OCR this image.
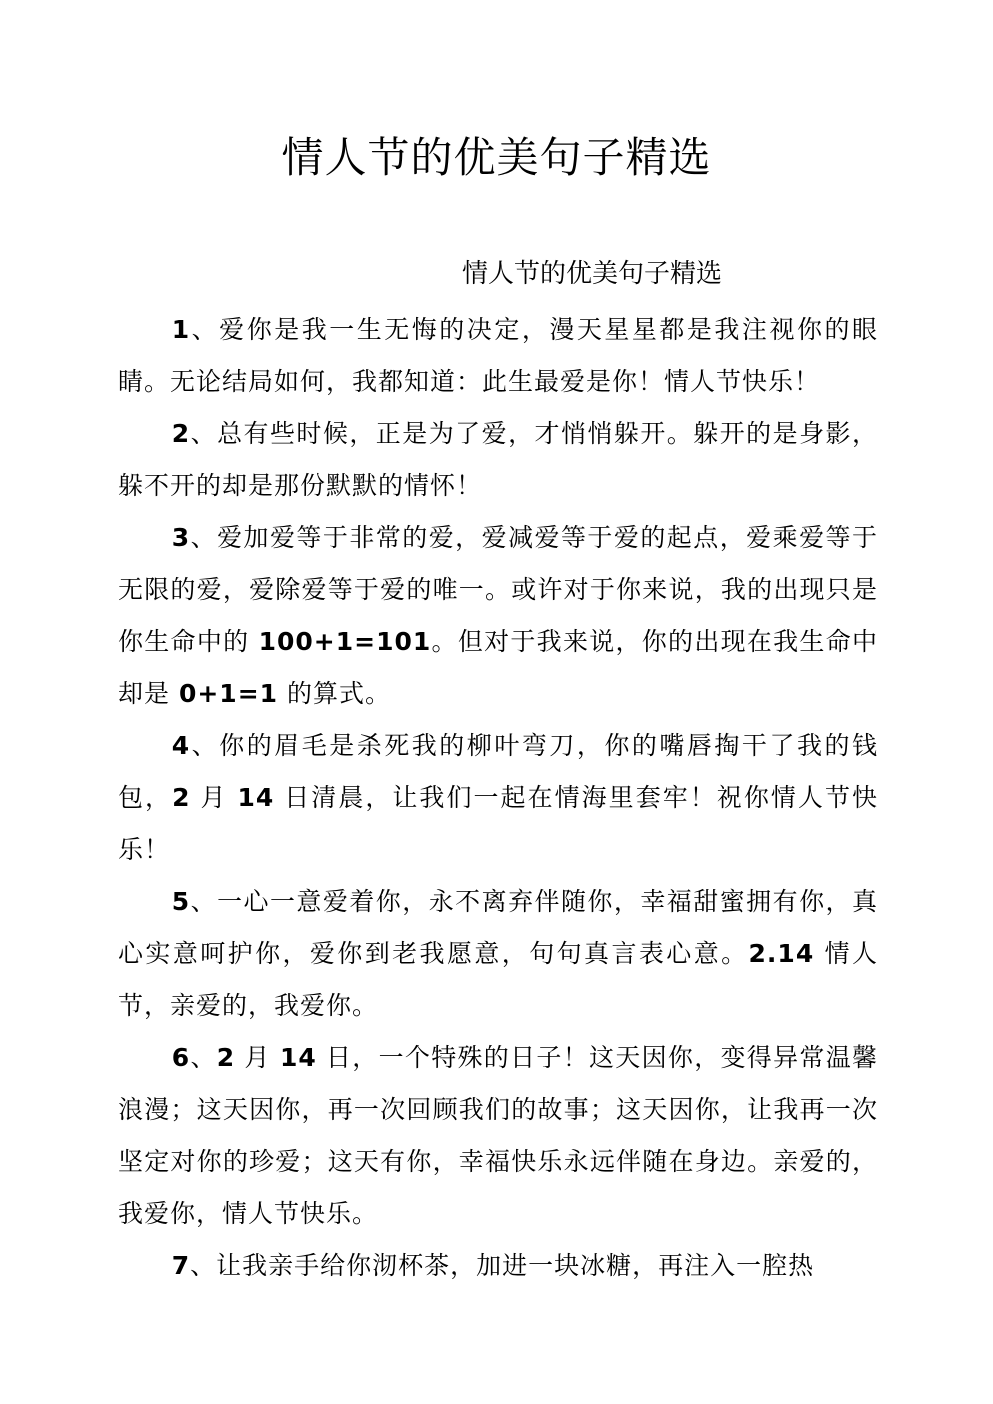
情人节的优美句子精选
情人节的优美句子精选

1、爱你是我一生无悔的决定，漫天星星都是我注视你的眼睛。无论结局如何，我都知道：此生最爱是你！情人节快乐！

2、总有些时候，正是为了爱，才悄悄躲开。躲开的是身影，躲不开的却是那份默默的情怀！

3、爱加爱等于非常的爱，爱减爱等于爱的起点，爱乘爱等于无限的爱，爱除爱等于爱的唯一。或许对于你来说，我的出现只是你生命中的 100+1=101。但对于我来说，你的出现在我生命中却是 0+1=1 的算式。

4、你的眉毛是杀死我的柳叶弯刀，你的嘴唇掏干了我的钱包，2 月 14 日清晨，让我们一起在情海里套牢！祝你情人节快乐！

5、一心一意爱着你，永不离弃伴随你，幸福甜蜜拥有你，真心实意呵护你，爱你到老我愿意，句句真言表心意。2.14 情人节，亲爱的，我爱你。

6、2 月 14 日，一个特殊的日子！这天因你，变得异常温馨浪漫；这天因你，再一次回顾我们的故事；这天因你，让我再一次坚定对你的珍爱；这天有你，幸福快乐永远伴随在身边。亲爱的，我爱你，情人节快乐。

7、让我亲手给你沏杯茶，加进一块冰糖，再注入一腔热
